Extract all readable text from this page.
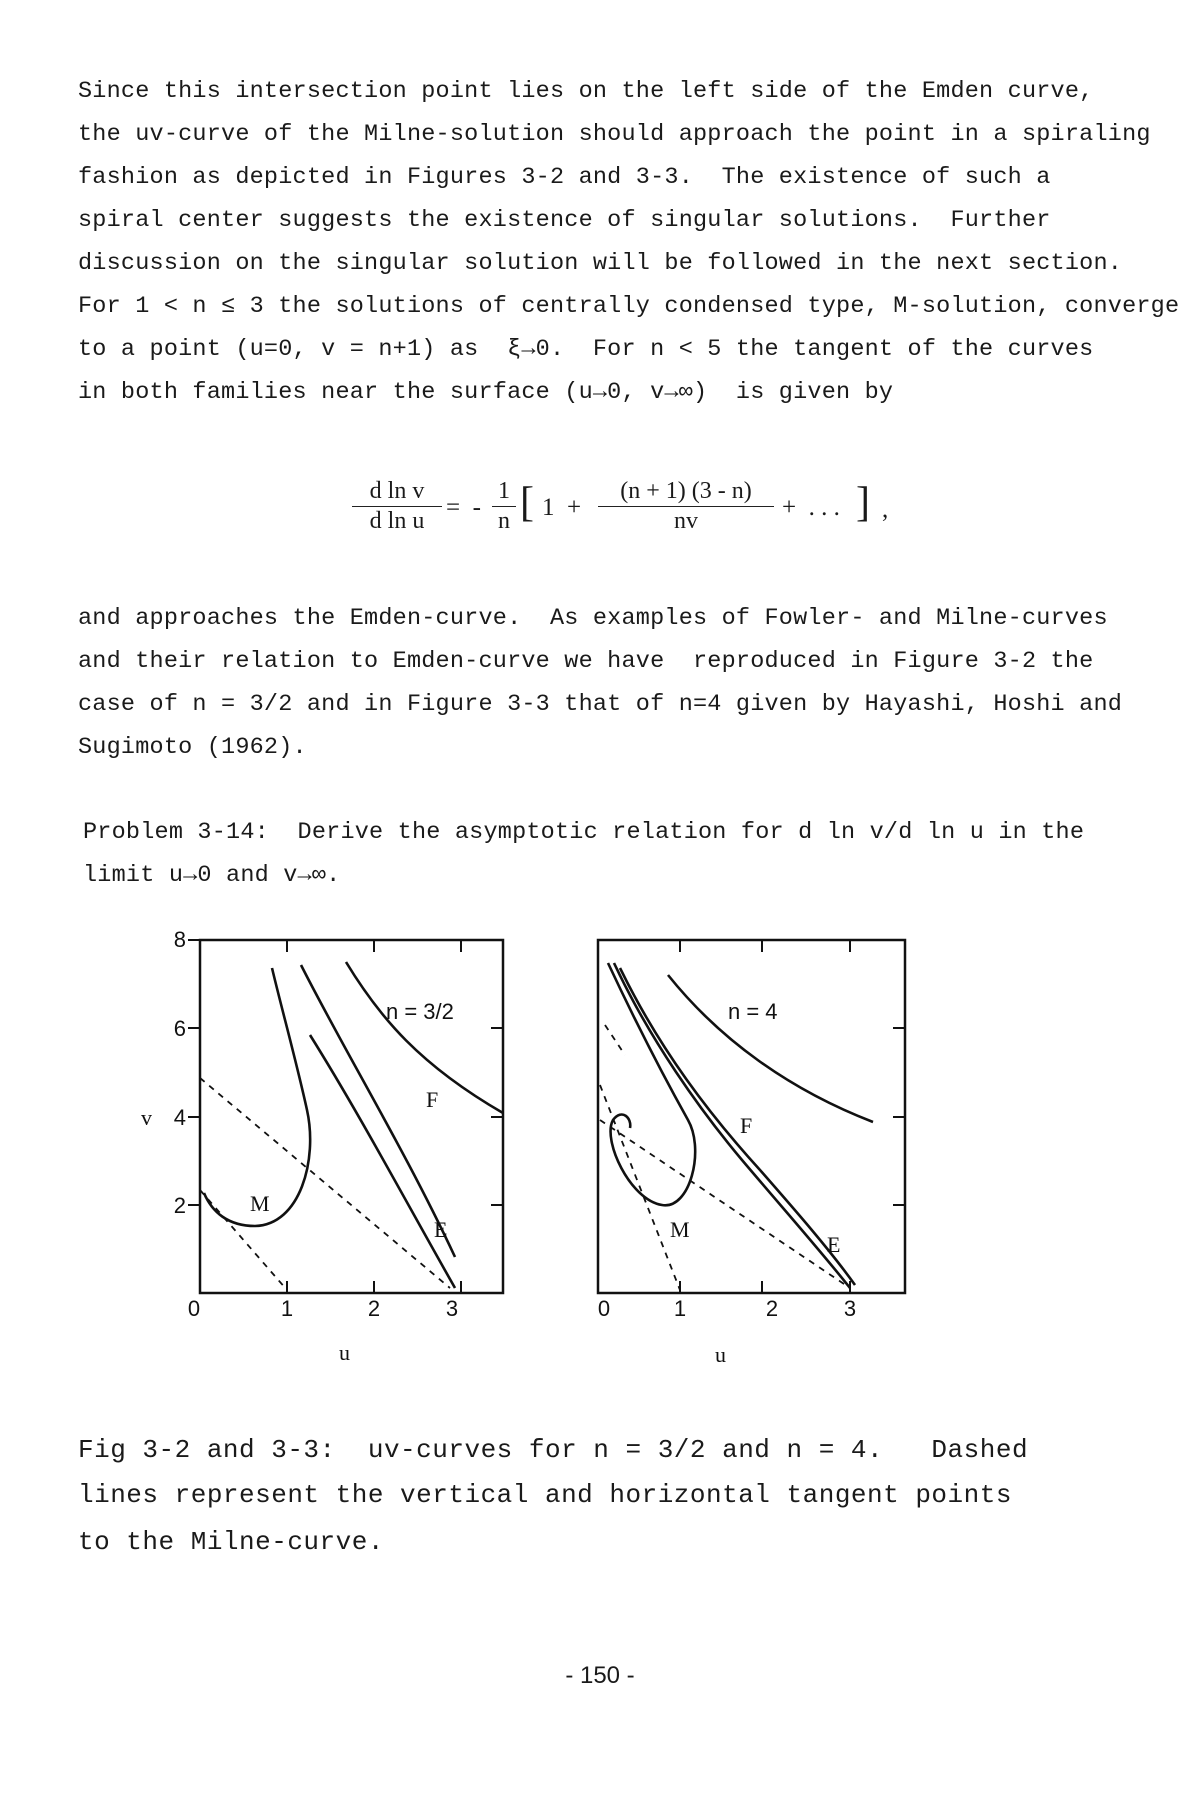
Since this intersection point lies on the left side of the Emden curve,
the uv-curve of the Milne-solution should approach the point in a spiraling
fashion as depicted in Figures 3-2 and 3-3.  The existence of such a
spiral center suggests the existence of singular solutions.  Further
discussion on the singular solution will be followed in the next section.
For 1 < n ≤ 3 the solutions of centrally condensed type, M-solution, converge
to a point (u=0, v = n+1) as  ξ→0.  For n < 5 the tangent of the curves
in both families near the surface (u→0, v→∞)  is given by
d ln v
d ln u =  -
1
n [ 1  +
(n + 1) (3 - n)
nv	+  . . . ] ,
and approaches the Emden-curve.  As examples of Fowler- and Milne-curves
and their relation to Emden-curve we have  reproduced in Figure 3-2 the
case of n = 3/2 and in Figure 3-3 that of n=4 given by Hayashi, Hoshi and
Sugimoto (1962).
Problem 3-14:  Derive the asymptotic relation for d ln v/d ln u in the
limit u→0 and v→∞.
n = 3/2
F
E
M
0	1	2	3
8
6
4
2
v
u
n = 4
F
E
M
0	1	2	3
u
Fig 3-2 and 3-3:  uv-curves for n = 3/2 and n = 4.   Dashed
lines represent the vertical and horizontal tangent points
to the Milne-curve.
- 150 -
